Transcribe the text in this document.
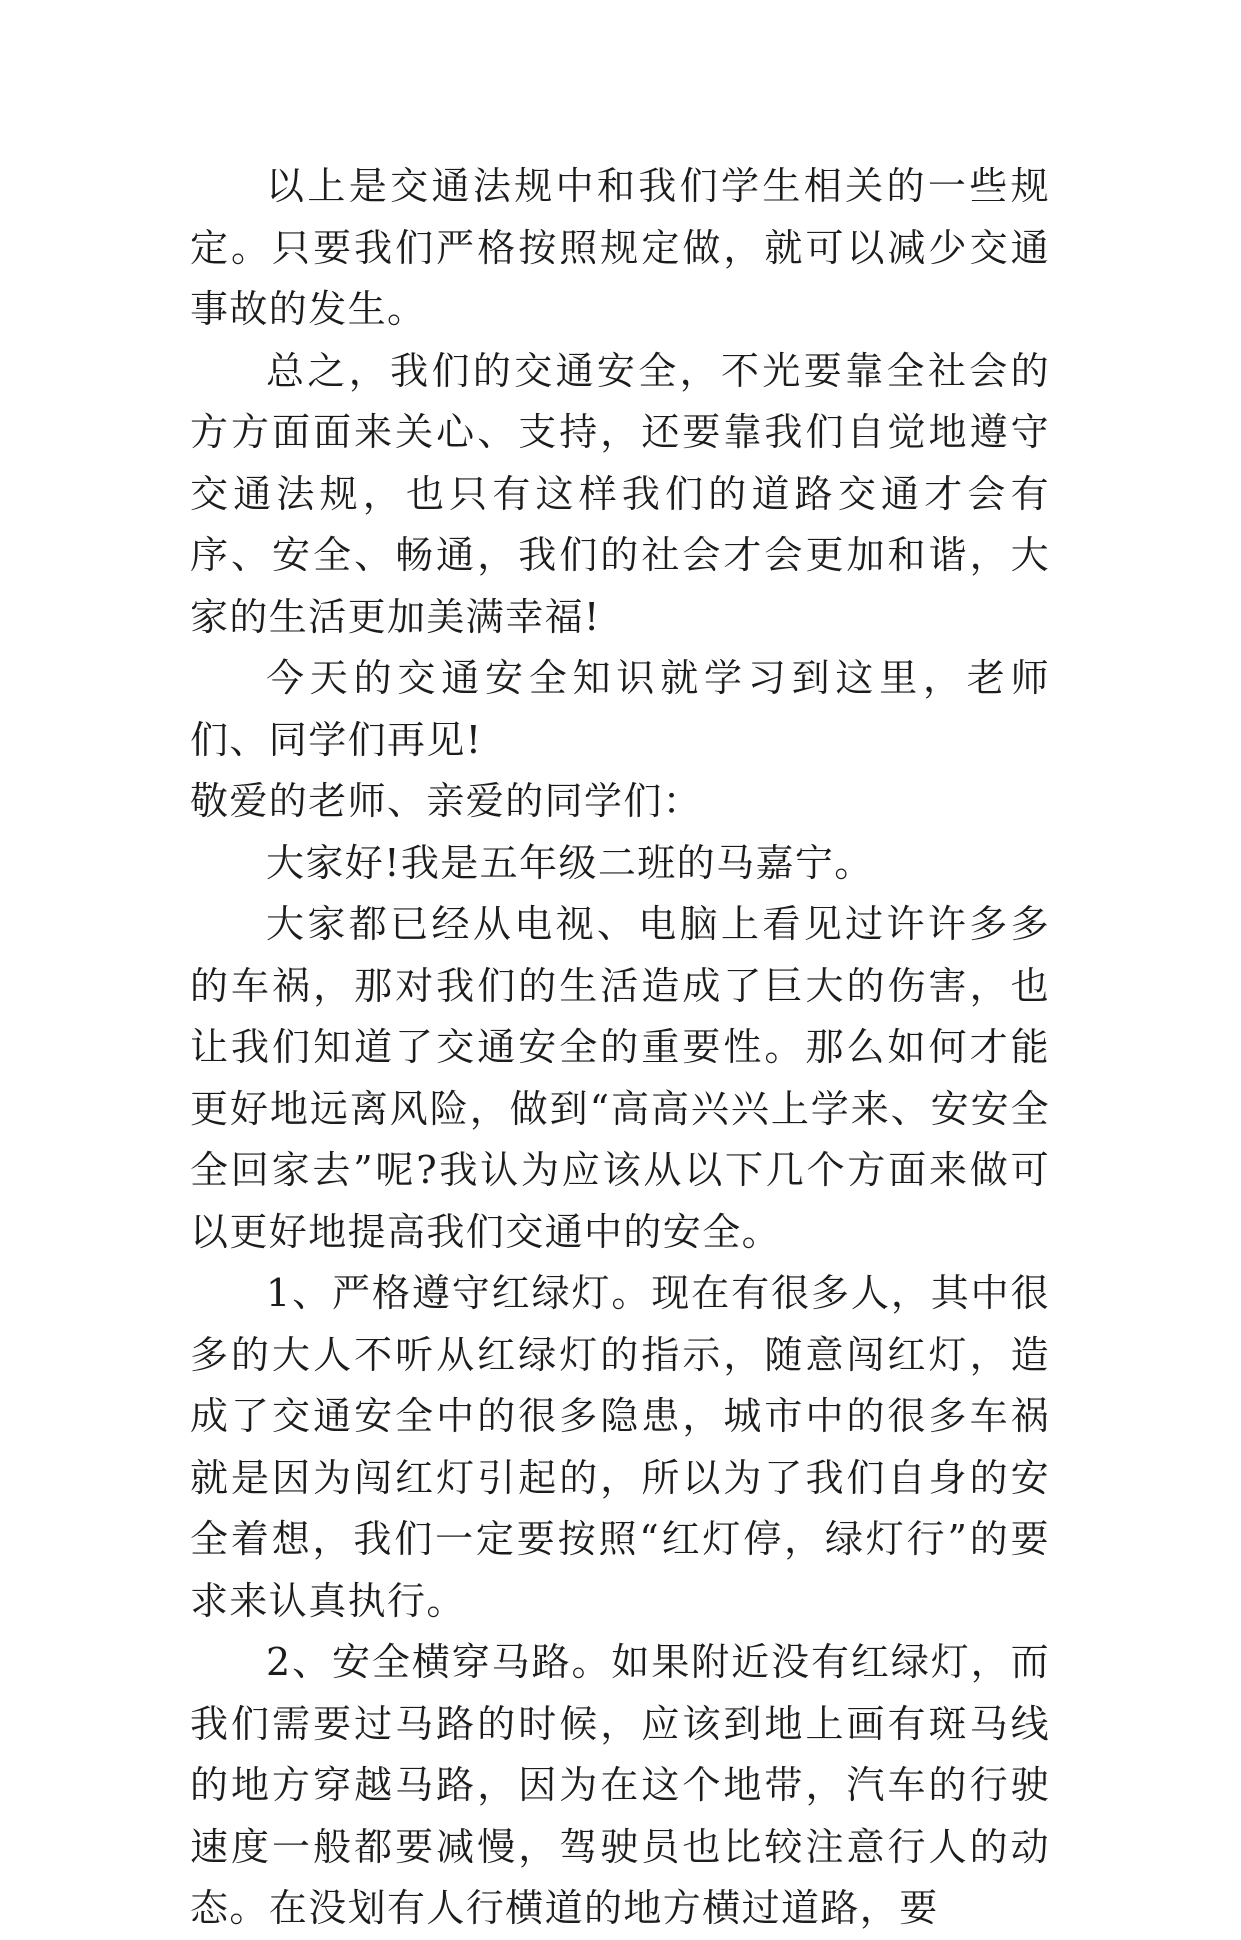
以上是交通法规中和我们学生相关的一些规定。只要我们严格按照规定做，就可以减少交通事故的发生。

总之，我们的交通安全，不光要靠全社会的方方面面来关心、支持，还要靠我们自觉地遵守交通法规，也只有这样我们的道路交通才会有序、安全、畅通，我们的社会才会更加和谐，大家的生活更加美满幸福!

今天的交通安全知识就学习到这里，老师们、同学们再见!

敬爱的老师、亲爱的同学们：

大家好!我是五年级二班的马嘉宁。

大家都已经从电视、电脑上看见过许许多多的车祸，那对我们的生活造成了巨大的伤害，也让我们知道了交通安全的重要性。那么如何才能更好地远离风险，做到“高高兴兴上学来、安安全全回家去”呢?我认为应该从以下几个方面来做可以更好地提高我们交通中的安全。

1、严格遵守红绿灯。现在有很多人，其中很多的大人不听从红绿灯的指示，随意闯红灯，造成了交通安全中的很多隐患，城市中的很多车祸就是因为闯红灯引起的，所以为了我们自身的安全着想，我们一定要按照“红灯停，绿灯行”的要求来认真执行。

2、安全横穿马路。如果附近没有红绿灯，而我们需要过马路的时候，应该到地上画有斑马线的地方穿越马路，因为在这个地带，汽车的行驶速度一般都要减慢，驾驶员也比较注意行人的动态。在没划有人行横道的地方横过道路，要
